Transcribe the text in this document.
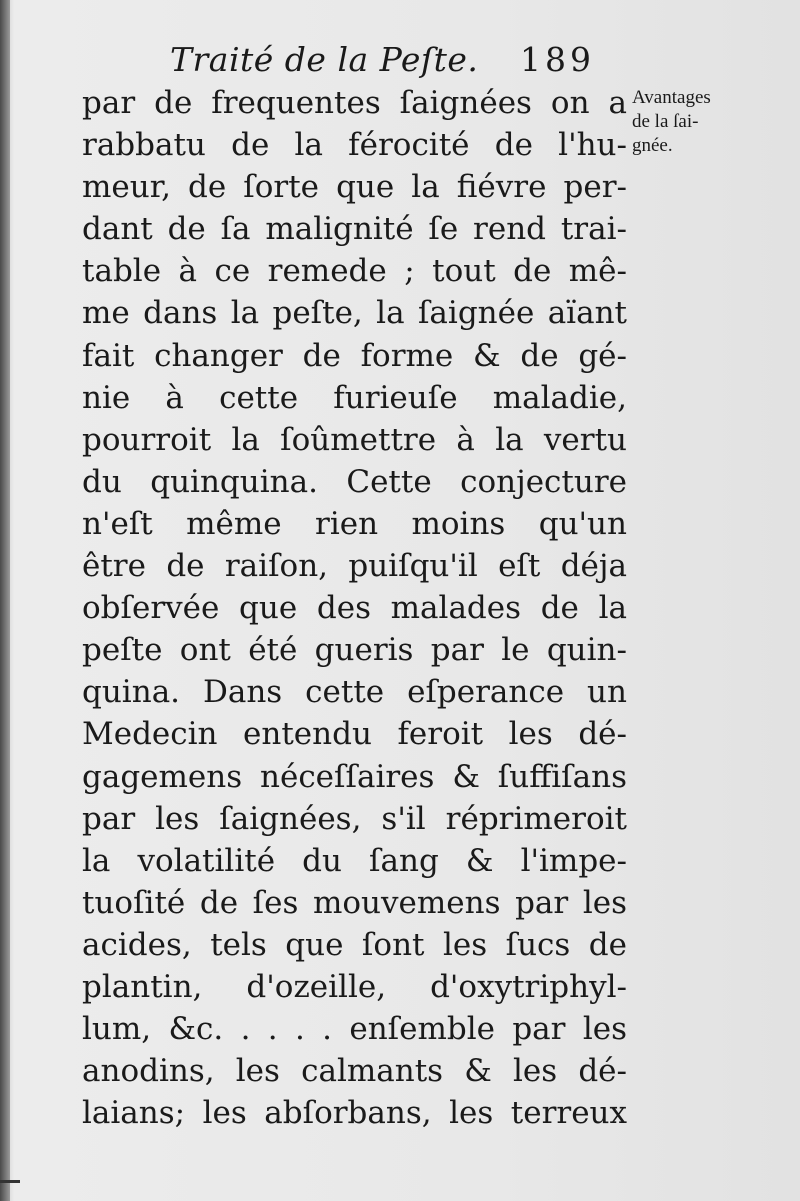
Traité de la Peſte. 189
par de frequentes ſaignées on a
rabbatu de la férocité de l'hu-
meur, de ſorte que la fiévre per-
dant de ſa malignité ſe rend trai-
table à ce remede ; tout de mê-
me dans la peſte, la ſaignée aïant
fait changer de forme & de gé-
nie à cette furieuſe maladie,
pourroit la ſoûmettre à la vertu
du quinquina. Cette conjecture
n'eſt même rien moins qu'un
être de raiſon, puiſqu'il eſt déja
obſervée que des malades de la
peſte ont été gueris par le quin-
quina. Dans cette eſperance un
Medecin entendu feroit les dé-
gagemens néceſſaires & ſuffiſans
par les ſaignées, s'il réprimeroit
la volatilité du ſang & l'impe-
tuoſité de ſes mouvemens par les
acides, tels que ſont les ſucs de
plantin, d'ozeille, d'oxytriphyl-
lum, &c. . . . . enſemble par les
anodins, les calmants & les dé-
laians; les abſorbans, les terreux
Avantages
de la ſai-
gnée.
